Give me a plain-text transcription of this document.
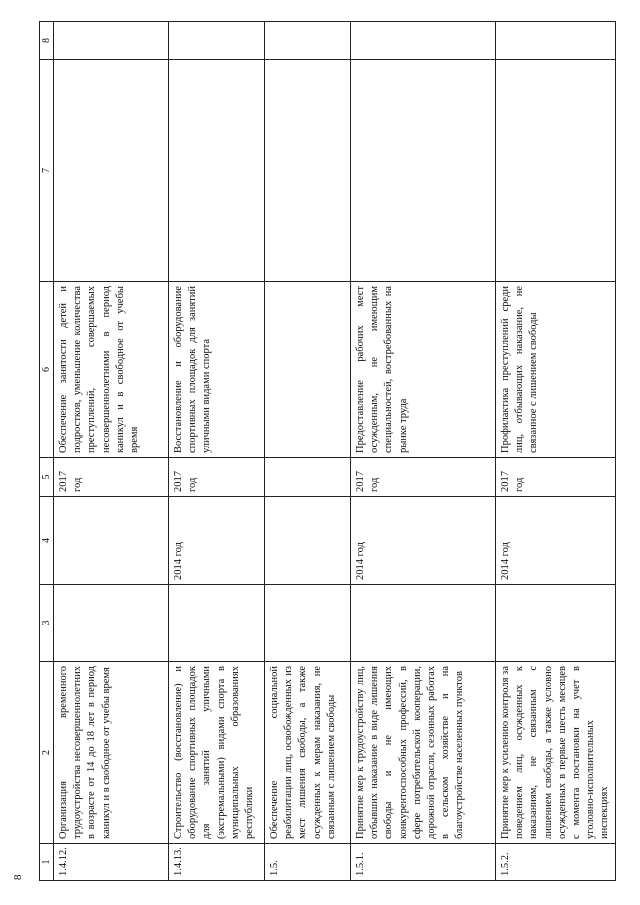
8
1	2	3	4	5	6	7	8
1.4.12.	Организация временного трудоустройства несовершеннолетних в возрасте от 14 до 18 лет в период каникул и в свободное от учебы время			2017 год	Обеспечение занятости детей и подростков, уменьшение количества преступлений, совершаемых несовершеннолетними в период каникул и в свободное от учебы время		
1.4.13.	Строительство (восстановление) и оборудование спортивных площадок для занятий уличными (экстремальными) видами спорта в муниципальных образованиях республики		2014 год	2017 год	Восстановление и оборудование спортивных площадок для занятий уличными видами спорта		
1.5.	Обеспечение социальной реабилитации лиц, освобожденных из мест лишения свободы, а также осужденных к мерам наказания, не связанным с лишением свободы						
1.5.1.	Принятие мер к трудоустройству лиц, отбывших наказание в виде лишения свободы и не имеющих конкурентоспособных профессий, в сфере потребительской кооперации, дорожной отрасли, сезонных работах в сельском хозяйстве и на благоустройстве населенных пунктов		2014 год	2017 год	Предоставление рабочих мест осужденным, не имеющим специальностей, востребованных на рынке труда		
1.5.2.	Принятие мер к усилению контроля за поведением лиц, осужденных к наказаниям, не связанным с лишением свободы, а также условно осужденных в первые шесть месяцев с момента постановки на учет в уголовно-исполнительных инспекциях		2014 год	2017 год	Профилактика преступлений среди лиц, отбывающих наказание, не связанное с лишением свободы		
